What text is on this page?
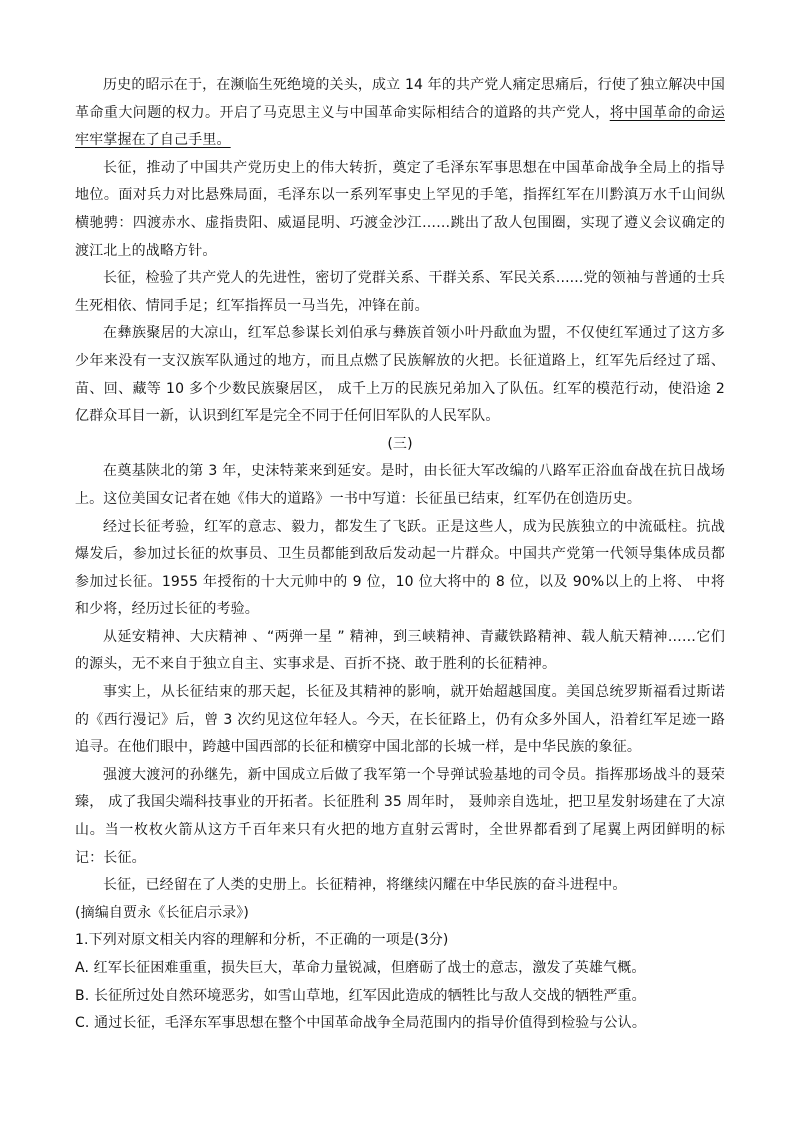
历史的昭示在于，在濒临生死绝境的关头，成立 14 年的共产党人痛定思痛后，行使了独立解决中国革命重大问题的权力。开启了马克思主义与中国革命实际相结合的道路的共产党人，将中国革命的命运牢牢掌握在了自己手里。

长征，推动了中国共产党历史上的伟大转折，奠定了毛泽东军事思想在中国革命战争全局上的指导地位。面对兵力对比悬殊局面，毛泽东以一系列军事史上罕见的手笔，指挥红军在川黔滇万水千山间纵横驰骋：四渡赤水、虚指贵阳、威逼昆明、巧渡金沙江……跳出了敌人包围圈，实现了遵义会议确定的渡江北上的战略方针。

长征，检验了共产党人的先进性，密切了党群关系、干群关系、军民关系......党的领袖与普通的士兵生死相依、情同手足；红军指挥员一马当先，冲锋在前。

在彝族聚居的大凉山，红军总参谋长刘伯承与彝族首领小叶丹歃血为盟，不仅使红军通过了这方多少年来没有一支汉族军队通过的地方，而且点燃了民族解放的火把。长征道路上，红军先后经过了瑶、苗、回、藏等 10 多个少数民族聚居区， 成千上万的民族兄弟加入了队伍。红军的模范行动，使沿途 2 亿群众耳目一新，认识到红军是完全不同于任何旧军队的人民军队。

(三)

在奠基陕北的第 3 年，史沫特莱来到延安。是时，由长征大军改编的八路军正浴血奋战在抗日战场上。这位美国女记者在她《伟大的道路》一书中写道：长征虽已结束，红军仍在创造历史。

经过长征考验，红军的意志、毅力，都发生了飞跃。正是这些人，成为民族独立的中流砥柱。抗战爆发后，参加过长征的炊事员、卫生员都能到敌后发动起一片群众。中国共产党第一代领导集体成员都参加过长征。1955 年授衔的十大元帅中的 9 位，10 位大将中的 8 位，以及 90%以上的上将、 中将和少将，经历过长征的考验。

从延安精神、大庆精神 、“两弹一星 ” 精神，到三峡精神、青藏铁路精神、载人航天精神……它们的源头，无不来自于独立自主、实事求是、百折不挠、敢于胜利的长征精神。

事实上，从长征结束的那天起，长征及其精神的影响，就开始超越国度。美国总统罗斯福看过斯诺的《西行漫记》后，曾 3 次约见这位年轻人。今天，在长征路上，仍有众多外国人，沿着红军足迹一路追寻。在他们眼中，跨越中国西部的长征和横穿中国北部的长城一样，是中华民族的象征。

强渡大渡河的孙继先，新中国成立后做了我军第一个导弹试验基地的司令员。指挥那场战斗的聂荣臻， 成了我国尖端科技事业的开拓者。长征胜利 35 周年时， 聂帅亲自选址，把卫星发射场建在了大凉山。当一枚枚火箭从这方千百年来只有火把的地方直射云霄时，全世界都看到了尾翼上两团鲜明的标记：长征。

长征，已经留在了人类的史册上。长征精神，将继续闪耀在中华民族的奋斗进程中。

(摘编自贾永《长征启示录》)

1.下列对原文相关内容的理解和分析，不正确的一项是(3分)

A. 红军长征困难重重，损失巨大，革命力量锐减，但磨砺了战士的意志，激发了英雄气概。

B. 长征所过处自然环境恶劣，如雪山草地，红军因此造成的牺牲比与敌人交战的牺牲严重。

C. 通过长征，毛泽东军事思想在整个中国革命战争全局范围内的指导价值得到检验与公认。
